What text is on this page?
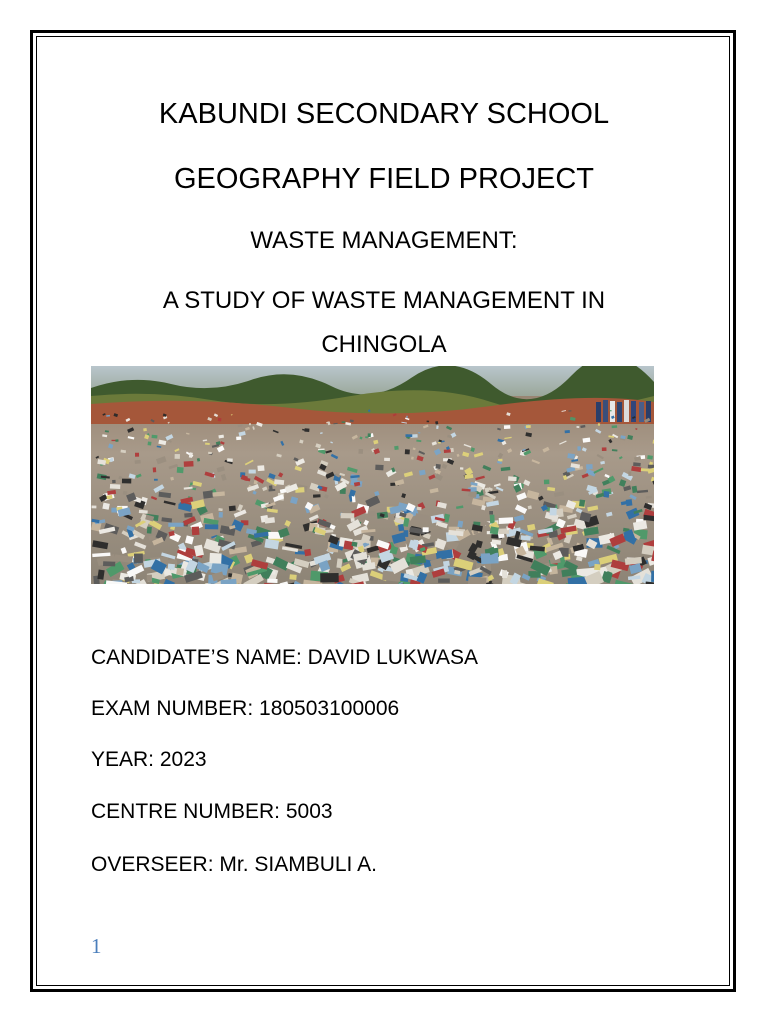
KABUNDI SECONDARY SCHOOL
GEOGRAPHY FIELD PROJECT
WASTE MANAGEMENT:
A STUDY OF WASTE MANAGEMENT IN
CHINGOLA
CANDIDATE’S NAME: DAVID LUKWASA
EXAM NUMBER: 180503100006
YEAR: 2023
CENTRE NUMBER: 5003
OVERSEER: Mr. SIAMBULI A.
1
